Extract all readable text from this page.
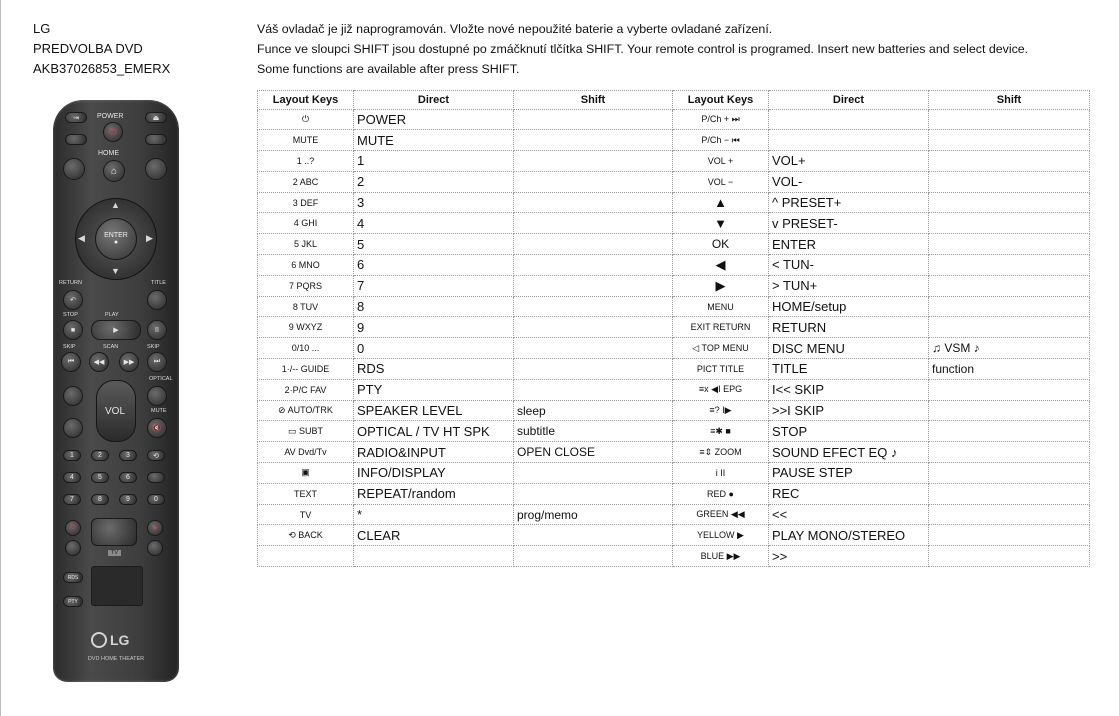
LG
PREDVOLBA DVD
AKB37026853_EMERX
Váš ovladač je již naprogramován. Vložte nové nepoužité baterie a vyberte ovladané zařízení.
Funce ve sloupci SHIFT jsou dostupné po zmáčknutí tlčítka SHIFT. Your remote control is programed. Insert new batteries and select device.
Some functions are available after press SHIFT.
⇥	⏏
POWER
⏻
HOME
⌂
▲
▼
◀	▶
ENTER
●
RETURN	TITLE
↶
STOP	PLAY
■	▶	II
SKIP	SCAN	SKIP
⏮	◀◀	▶▶	⏭
OPTICAL
VOL	MUTE
🔇
1	2	3	⟲
4	5	6
7	8	9	0
⏻	●
TV
RDS
PTY
LG
DVD HOME THEATER
Layout Keys	Direct	Shift	Layout Keys	Direct	Shift
⏻	POWER		P/Ch + ⏭		
MUTE	MUTE		P/Ch − ⏮		
1 ..?	1		VOL +	VOL+	
2 ABC	2		VOL −	VOL-	
3 DEF	3		▲	^ PRESET+	
4 GHI	4		▼	v PRESET-	
5 JKL	5		OK	ENTER	
6 MNO	6		◀	< TUN-	
7 PQRS	7		▶	> TUN+	
8 TUV	8		MENU	HOME/setup	
9 WXYZ	9		EXIT RETURN	RETURN	
0/10 ...	0		◁ TOP MENU	DISC MENU	♫ VSM ♪
1·/-- GUIDE	RDS		PICT TITLE	TITLE	function
2·P/C FAV	PTY		≡x ◀I EPG	I<< SKIP	
⊘ AUTO/TRK	SPEAKER LEVEL	sleep	≡? I▶	>>I SKIP	
▭ SUBT	OPTICAL / TV HT SPK	subtitle	≡✱ ■	STOP	
AV Dvd/Tv	RADIO&INPUT	OPEN CLOSE	≡⇕ ZOOM	SOUND EFECT EQ ♪	
▣	INFO/DISPLAY		i II	PAUSE STEP	
TEXT	REPEAT/random		RED ●	REC	
TV	*	prog/memo	GREEN ◀◀	<<	
⟲ BACK	CLEAR		YELLOW ▶	PLAY MONO/STEREO	
			BLUE ▶▶	>>	
